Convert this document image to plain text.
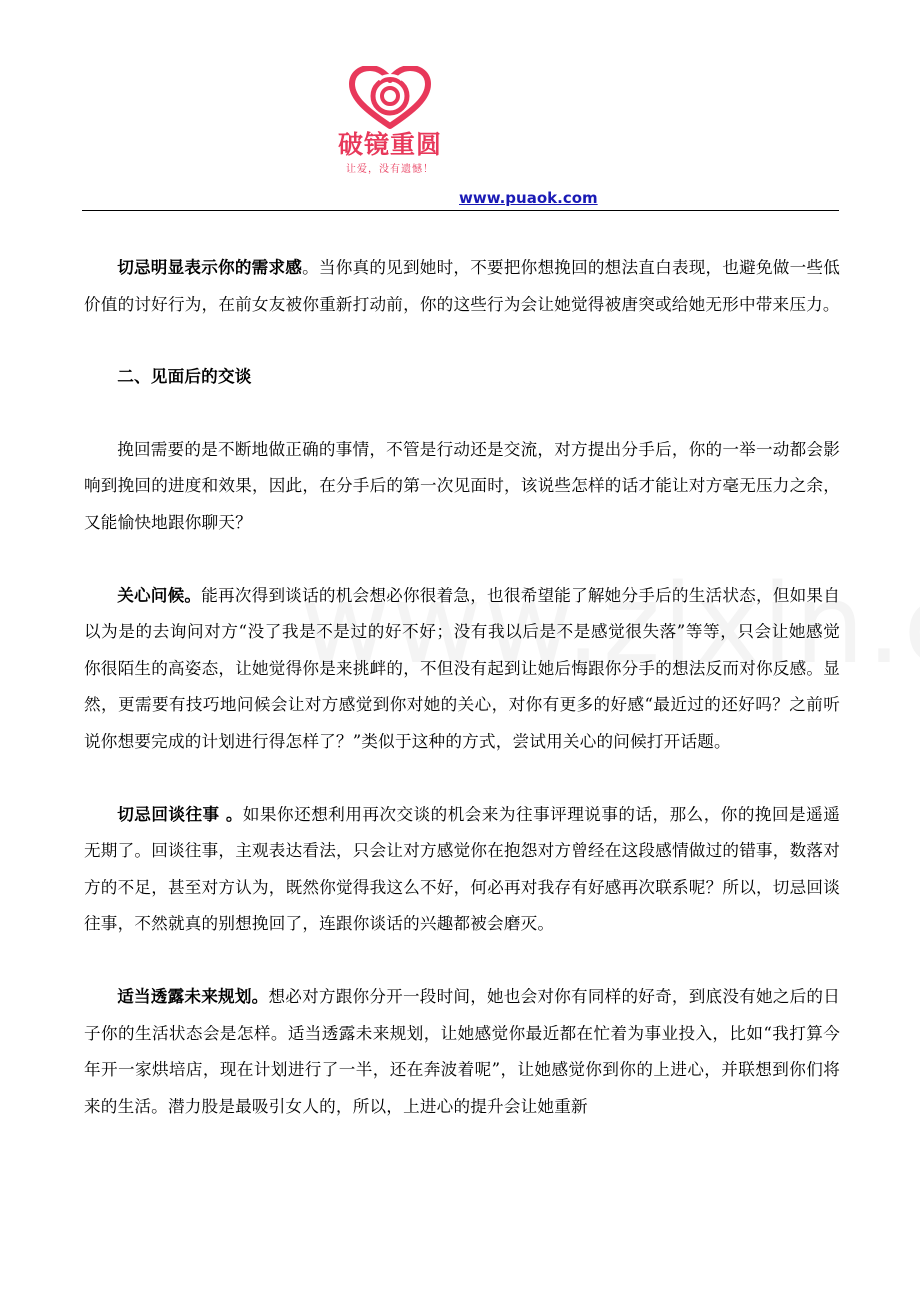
破镜重圆
让爱，没有遗憾！
www.puaok.com

切忌明显表示你的需求感。当你真的见到她时，不要把你想挽回的想法直白表现，也避免做一些低价值的讨好行为，在前女友被你重新打动前，你的这些行为会让她觉得被唐突或给她无形中带来压力。

二、见面后的交谈

挽回需要的是不断地做正确的事情，不管是行动还是交流，对方提出分手后，你的一举一动都会影响到挽回的进度和效果，因此，在分手后的第一次见面时，该说些怎样的话才能让对方毫无压力之余，又能愉快地跟你聊天？

关心问候。能再次得到谈话的机会想必你很着急，也很希望能了解她分手后的生活状态，但如果自以为是的去询问对方“没了我是不是过的好不好；没有我以后是不是感觉很失落”等等，只会让她感觉你很陌生的高姿态，让她觉得你是来挑衅的，不但没有起到让她后悔跟你分手的想法反而对你反感。显然，更需要有技巧地问候会让对方感觉到你对她的关心，对你有更多的好感“最近过的还好吗？之前听说你想要完成的计划进行得怎样了？”类似于这种的方式，尝试用关心的问候打开话题。

切忌回谈往事 。如果你还想利用再次交谈的机会来为往事评理说事的话，那么，你的挽回是遥遥无期了。回谈往事，主观表达看法，只会让对方感觉你在抱怨对方曾经在这段感情做过的错事，数落对方的不足，甚至对方认为，既然你觉得我这么不好，何必再对我存有好感再次联系呢？所以，切忌回谈往事，不然就真的别想挽回了，连跟你谈话的兴趣都被会磨灭。

适当透露未来规划。想必对方跟你分开一段时间，她也会对你有同样的好奇，到底没有她之后的日子你的生活状态会是怎样。适当透露未来规划，让她感觉你最近都在忙着为事业投入，比如“我打算今年开一家烘培店，现在计划进行了一半，还在奔波着呢”，让她感觉你到你的上进心，并联想到你们将来的生活。潜力股是最吸引女人的，所以，上进心的提升会让她重新
